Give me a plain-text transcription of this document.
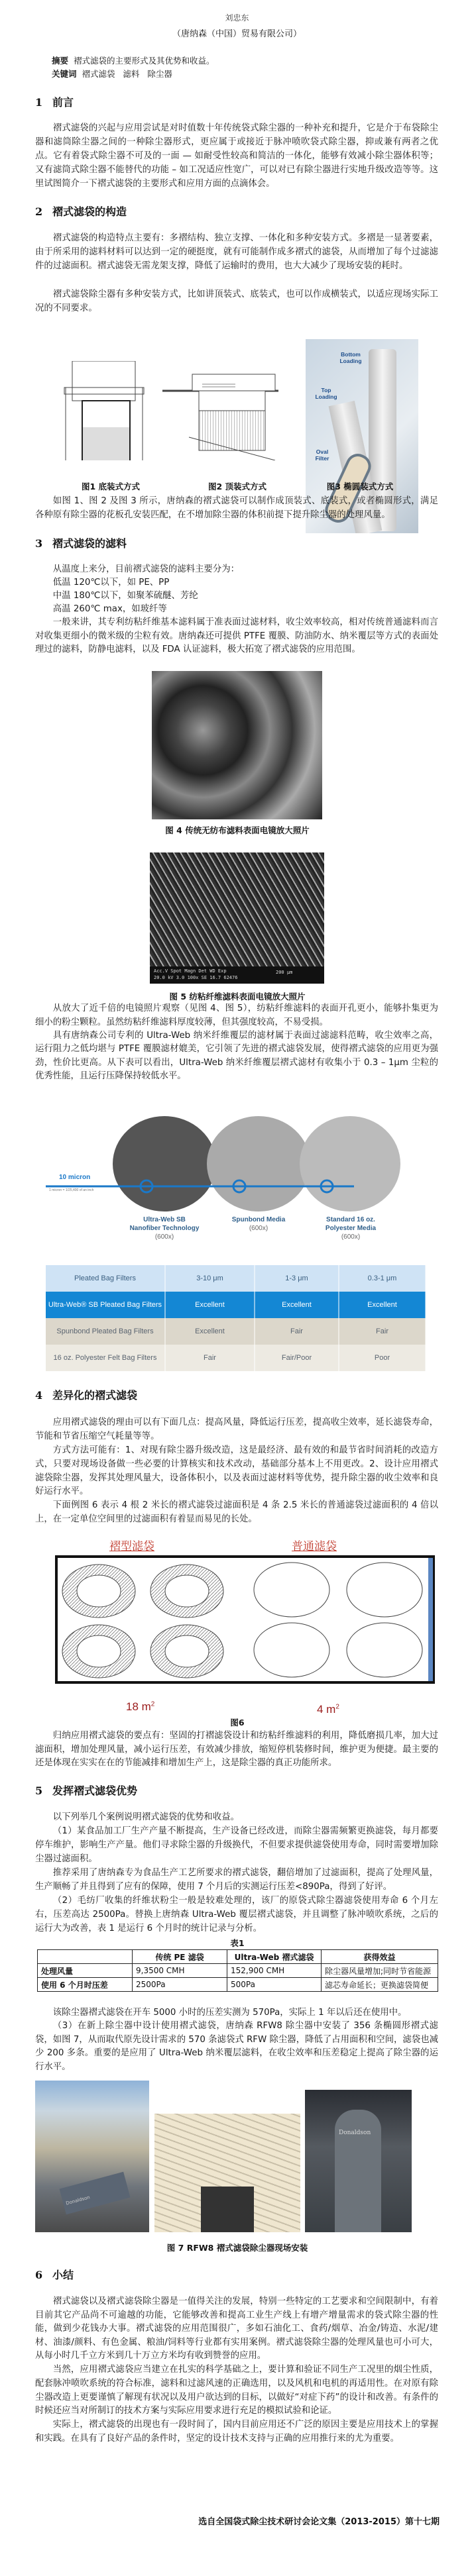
刘忠东
（唐纳森（中国）贸易有限公司）
摘要 褶式滤袋的主要形式及其优势和收益。
关键词 褶式滤袋 滤料 除尘器
1 前言
褶式滤袋的兴起与应用尝试是对时值数十年传统袋式除尘器的一种补充和提升，它是介于布袋除尘器和滤筒除尘器之间的一种除尘器形式，更应属于或接近于脉冲喷吹袋式除尘器，抑或兼有两者之优点。它有着袋式除尘器不可及的一面 — 如耐受性较高和简洁的一体化，能够有效减小除尘器体积等；又有滤筒式除尘器不能替代的功能 – 如工况适应性宽广，可以对已有除尘器进行实地升级改造等等。这里试图简介一下褶式滤袋的主要形式和应用方面的点滴体会。
2 褶式滤袋的构造
褶式滤袋的构造特点主要有：多褶结构、独立支撑、一体化和多种安装方式。多褶是一显著要素，由于所采用的滤料材料可以达到一定的硬挺度，就有可能制作成多褶式的滤袋，从而增加了每个过滤滤件的过滤面积。褶式滤袋无需龙架支撑，降低了运输时的费用，也大大减少了现场安装的耗时。
褶式滤袋除尘器有多种安装方式，比如讲顶装式、底装式，也可以作成横装式，以适应现场实际工况的不同要求。
Bottom Loading
Top Loading
Oval Filter
图1 底装式方式	图2 顶装式方式	图3 椭圆装式方式
如图 1、图 2 及图 3 所示，唐纳森的褶式滤袋可以制作成顶装式、底装式，或者椭圆形式，满足各种原有除尘器的花板孔安装匹配，在不增加除尘器的体积前提下提升除尘器的处理风量。
3 褶式滤袋的滤料
从温度上来分，目前褶式滤袋的滤料主要分为：
低温 120℃以下，如 PE、PP
中温 180℃以下，如聚苯硫醚、芳纶
高温 260℃ max，如玻纤等
一般来讲，其专利纺粘纤维基本滤料属于准表面过滤材料，收尘效率较高，相对传统普通滤料而言对收集更细小的微米级的尘粒有效。唐纳森还可提供 PTFE 覆膜、防油防水、纳米覆层等方式的表面处理过的滤料，防静电滤料，以及 FDA 认证滤料，极大拓宽了褶式滤袋的应用范围。
图 4 传统无纺布滤料表面电镜放大照片
Acc.V Spot Magn Det WD Exp
20.0 kV 3.0 100x SE 16.7 62476
200 μm
图 5 纺粘纤维滤料表面电镜放大照片
从放大了近千倍的电镜照片观察（见图 4、图 5），纺粘纤维滤料的表面开孔更小，能够扑集更为细小的粉尘颗粒。虽然纺粘纤维滤料厚度较薄，但其强度较高，不易受损。
具有唐纳森公司专利的 Ultra-Web 纳米纤维覆层的滤材属于表面过滤滤料范畴，收尘效率之高，运行阻力之低均堪与 PTFE 覆膜滤材媲美，它引领了先进的褶式滤袋发展，使得褶式滤袋的应用更为强劲，性价比更高。从下表可以看出，Ultra-Web 纳米纤维覆层褶式滤材有收集小于 0.3 – 1μm 尘粒的优秀性能，且运行压降保持较低水平。
10 micron
1 micron = 1/25,400 of an inch
Ultra-Web SB
Nanofiber Technology
(600x)
Spunbond Media
(600x)
Standard 16 oz.
Polyester Media
(600x)
Pleated Bag Filters	3-10 μm	1-3 μm	0.3-1 μm
Ultra-Web® SB Pleated Bag Filters	Excellent	Excellent	Excellent
Spunbond Pleated Bag Filters	Excellent	Fair	Fair
16 oz. Polyester Felt Bag Filters	Fair	Fair/Poor	Poor
4 差异化的褶式滤袋
应用褶式滤袋的理由可以有下面几点：提高风量，降低运行压差，提高收尘效率，延长滤袋寿命，节能和节省压缩空气耗量等等。
方式方法可能有：1、对现有除尘器升级改造，这是最经济、最有效的和最节省时间消耗的改造方式，只要对现场设备做一些必要的计算核实和技术改动，基础部分基本上不用更改。2、设计应用褶式滤袋除尘器，发挥其处理风量大，设备体积小，以及表面过滤材料等优势，提升除尘器的收尘效率和良好运行水平。
下面例图 6 表示 4 根 2 米长的褶式滤袋过滤面积是 4 条 2.5 米长的普通滤袋过滤面积的 4 倍以上，在一定单位空间里的过滤面积有着显而易见的长处。
褶型滤袋	普通滤袋
18 $m^2$	4 $m^2$
图6
归纳应用褶式滤袋的要点有：坚固的打褶滤袋设计和纺粘纤维滤料的利用，降低磨损几率，加大过滤面积，增加处理风量，减小运行压差，有效减少排放，缩短停机装修时间，维护更为便捷。最主要的还是体现在实实在在的节能减排和增加生产上，这是除尘器的真正功能所求。
5 发挥褶式滤袋优势
以下列举几个案例说明褶式滤袋的优势和收益。
（1）某食品加工厂生产产量不断提高，生产设备已经改进，而除尘器需频繁更换滤袋，每月都要停车维护，影响生产产量。他们寻求除尘器的升级换代，不但要求提供滤袋使用寿命，同时需要增加除尘器过滤面积。
推荐采用了唐纳森专为食品生产工艺所要求的褶式滤袋，翻倍增加了过滤面积，提高了处理风量，生产顺畅了并且得到了应有的保障，使用 7 个月后的实测运行压差<890Pa，得到了好评。
（2）毛纺厂收集的纤维状粉尘一般是较难处理的，该厂的原袋式除尘器滤袋使用寿命 6 个月左右，压差高达 2500Pa。替换上唐纳森 Ultra-Web 覆层褶式滤袋，并且调整了脉冲喷吹系统，之后的运行大为改善，表 1 是运行 6 个月时的统计记录与分析。
表1
	传统 PE 滤袋	Ultra-Web 褶式滤袋	获得效益
处理风量	9,3500 CMH	152,900 CMH	除尘器风量增加;同时节省能源
使用 6 个月时压差	2500Pa	500Pa	滤芯寿命延长；更换滤袋简便
该除尘器褶式滤袋在开车 5000 小时的压差实测为 570Pa，实际上 1 年以后还在使用中。
（3）在新上除尘器中设计使用褶式滤袋，唐纳森 RFW8 除尘器中安装了 356 条椭圆形褶式滤袋，如图 7，从而取代原先设计需求的 570 条滤袋式 RFW 除尘器，降低了占用面积和空间，滤袋也减少 200 多条。重要的是应用了 Ultra-Web 纳米覆层滤料，在收尘效率和压差稳定上提高了除尘器的运行水平。
Donaldson
Donaldson
图 7 RFW8 褶式滤袋除尘器现场安装
6 小结
褶式滤袋以及褶式滤袋除尘器是一值得关注的发展，特别一些特定的工艺要求和空间限制中，有着目前其它产品尚不可逾越的功能，它能够改善和提高工业生产线上有增产增量需求的袋式除尘器的性能，做到少花钱办大事。褶式滤袋的应用范围很广，多如石油化工、食药/烟草、冶金/铸造、水泥/建材、油漆/颜料、有色金属、粮油/饲料等行业都有实用案例。褶式滤袋除尘器的处理风量也可小可大，从每小时几千立方米到几十万立方米均有收到赞誉的应用。
当然，应用褶式滤袋应当建立在扎实的科学基础之上，要计算和验证不同生产工况里的烟尘性质，配套脉冲喷吹系统的符合标准，滤料和过滤风速的正确选用，以及风机和电机的再适用性。在对原有除尘器改造上更要谨慎了解现有状况以及用户欲达到的目标，以做好“对症下药”的设计和改善。有条件的时候还应当对所制订的技术方案与实际应用要求进行充足的模拟试验和论证。
实际上，褶式滤袋的出现也有一段时间了，国内目前应用还不广泛的原因主要是应用技术上的掌握和实践。在具有了良好产品的条件时，坚定的设计技术支持与正确的应用推行来的尤为重要。
选自全国袋式除尘技术研讨会论文集（2013-2015）第十七期
